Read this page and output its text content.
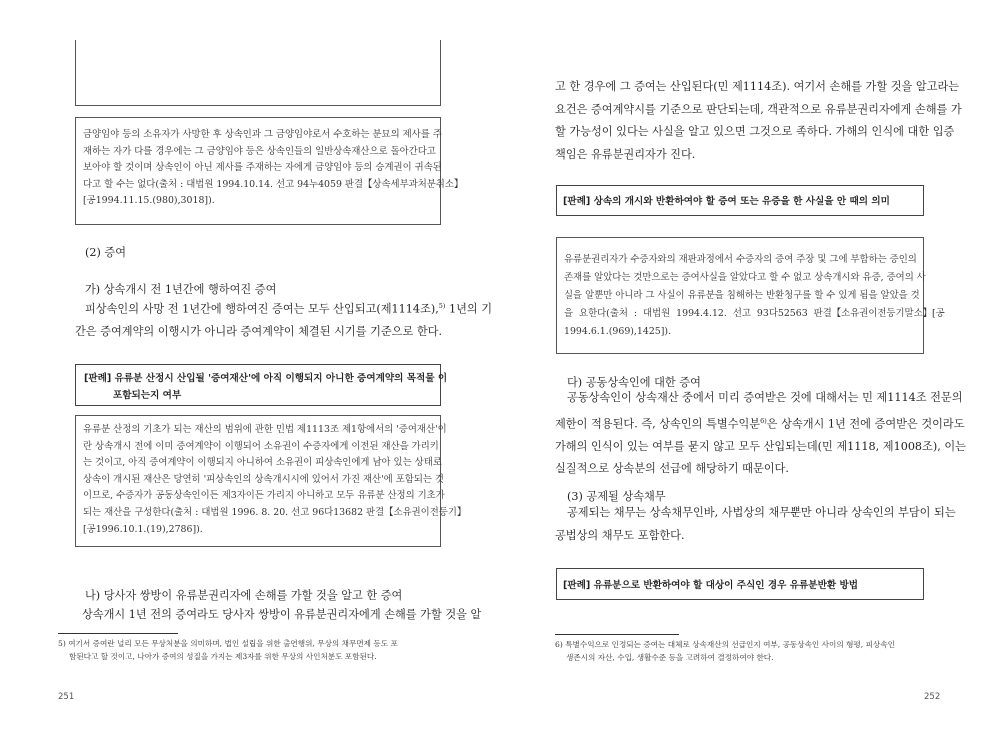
금양임야 등의 소유자가 사망한 후 상속인과 그 금양임야로서 수호하는 분묘의 제사를 주
재하는 자가 다를 경우에는 그 금양임야 등은 상속인들의 일반상속재산으로 돌아간다고
보아야 할 것이며 상속인이 아닌 제사를 주재하는 자에게 금양임야 등의 승계권이 귀속된
다고 할 수는 없다(출처 : 대법원 1994.10.14. 선고 94누4059 판결【상속세부과처분취소】
[공1994.11.15.(980),3018]).
(2) 증여
가) 상속개시 전 1년간에 행하여진 증여
피상속인의 사망 전 1년간에 행하여진 증여는 모두 산입되고(제1114조),$^{5)}$ 1년의 기
간은 증여계약의 이행시가 아니라 증여계약이 체결된 시기를 기준으로 한다.
[판례] 유류분 산정시 산입될 '증여재산'에 아직 이행되지 아니한 증여계약의 목적물 이
포함되는지 여부
유류분 산정의 기초가 되는 재산의 범위에 관한 민법 제1113조 제1항에서의 '증여재산'이
란 상속개시 전에 이미 증여계약이 이행되어 소유권이 수증자에게 이전된 재산을 가리키
는 것이고, 아직 증여계약이 이행되지 아니하여 소유권이 피상속인에게 남아 있는 상태로
상속이 개시된 재산은 당연히 '피상속인의 상속개시시에 있어서 가진 재산'에 포함되는 것
이므로, 수증자가 공동상속인이든 제3자이든 가리지 아니하고 모두 유류분 산정의 기초가
되는 재산을 구성한다(출처 : 대법원 1996. 8. 20. 선고 96다13682 판결【소유권이전등기】
[공1996.10.1.(19),2786]).
나) 당사자 쌍방이 유류분권리자에 손해를 가할 것을 알고 한 증여
상속개시 1년 전의 증여라도 당사자 쌍방이 유류분권리자에게 손해를 가할 것을 알
5) 여기서 증여란 널리 모든 무상처분을 의미하며, 법인 설립을 위한 출연행위, 무상의 채무면제 등도 포
함된다고 할 것이고, 나아가 증여의 성질을 가지는 제3자를 위한 무상의 사인처분도 포함된다.
251
고 한 경우에 그 증여는 산입된다(민 제1114조). 여기서 손해를 가할 것을 알고라는
요건은 증여계약시를 기준으로 판단되는데, 객관적으로 유류분권리자에게 손해를 가
할 가능성이 있다는 사실을 알고 있으면 그것으로 족하다. 가해의 인식에 대한 입증
책임은 유류분권리자가 진다.
[판례] 상속의 개시와 반환하여야 할 증여 또는 유증을 한 사실을 안 때의 의미
유류분권리자가 수증자와의 재판과정에서 수증자의 증여 주장 및 그에 부합하는 증인의
존재를 알았다는 것만으로는 증여사실을 알았다고 할 수 없고 상속개시와 유증, 증여의 사
실을 알뿐만 아니라 그 사실이 유류분을 침해하는 반환청구를 할 수 있게 됨을 알았을 것
을  요한다(출처  :  대법원  1994.4.12.  선고  93다52563  판결【소유권이전등기말소】[공
1994.6.1.(969),1425]).
다) 공동상속인에 대한 증여
공동상속인이 상속재산 중에서 미리 증여받은 것에 대해서는 민 제1114조 전문의
제한이 적용된다. 즉, 상속인의 특별수익분$^{6)}$은 상속개시 1년 전에 증여받은 것이라도
가해의 인식이 있는 여부를 묻지 않고 모두 산입되는데(민 제1118, 제1008조), 이는
실질적으로 상속분의 선급에 해당하기 때문이다.
(3) 공제될 상속채무
공제되는 채무는 상속채무인바, 사법상의 채무뿐만 아니라 상속인의 부담이 되는
공법상의 채무도 포함한다.
[판례] 유류분으로 반환하여야 할 대상이 주식인 경우 유류분반환 방법
6) 특별수익으로 인정되는 증여는 대체로 상속재산의 선급인지 여부, 공동상속인 사이의 형평, 피상속인
생존시의 자산, 수입, 생활수준 등을 고려하여 결정하여야 한다.
252
